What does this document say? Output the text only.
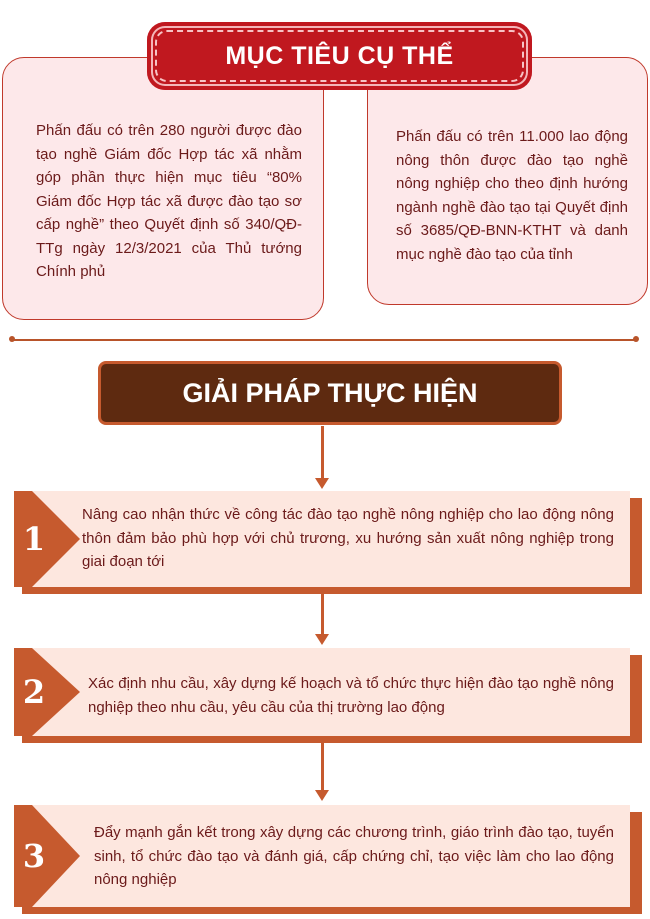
Phấn đấu có trên 280 người được đào tạo nghề Giám đốc Hợp tác xã nhằm góp phần thực hiện mục tiêu “80% Giám đốc Hợp tác xã được đào tạo sơ cấp nghề” theo Quyết định số 340/QĐ-TTg ngày 12/3/2021 của Thủ tướng Chính phủ
Phấn đấu có trên 11.000 lao động nông thôn được đào tạo nghề nông nghiệp cho theo định hướng ngành nghề đào tạo tại Quyết định số 3685/QĐ-BNN-KTHT và danh mục nghề đào tạo của tỉnh
MỤC TIÊU CỤ THỂ
GIẢI PHÁP THỰC HIỆN
Nâng cao nhận thức về công tác đào tạo nghề nông nghiệp cho lao động nông thôn đảm bảo phù hợp với chủ trương, xu hướng sản xuất nông nghiệp trong giai đoạn tới
1
Xác định nhu cầu, xây dựng kế hoạch và tổ chức thực hiện đào tạo nghề nông nghiệp theo nhu cầu, yêu cầu của thị trường lao động
2
Đẩy mạnh gắn kết trong xây dựng các chương trình, giáo trình đào tạo, tuyển sinh, tổ chức đào tạo và đánh giá, cấp chứng chỉ, tạo việc làm cho lao động nông nghiệp
3
